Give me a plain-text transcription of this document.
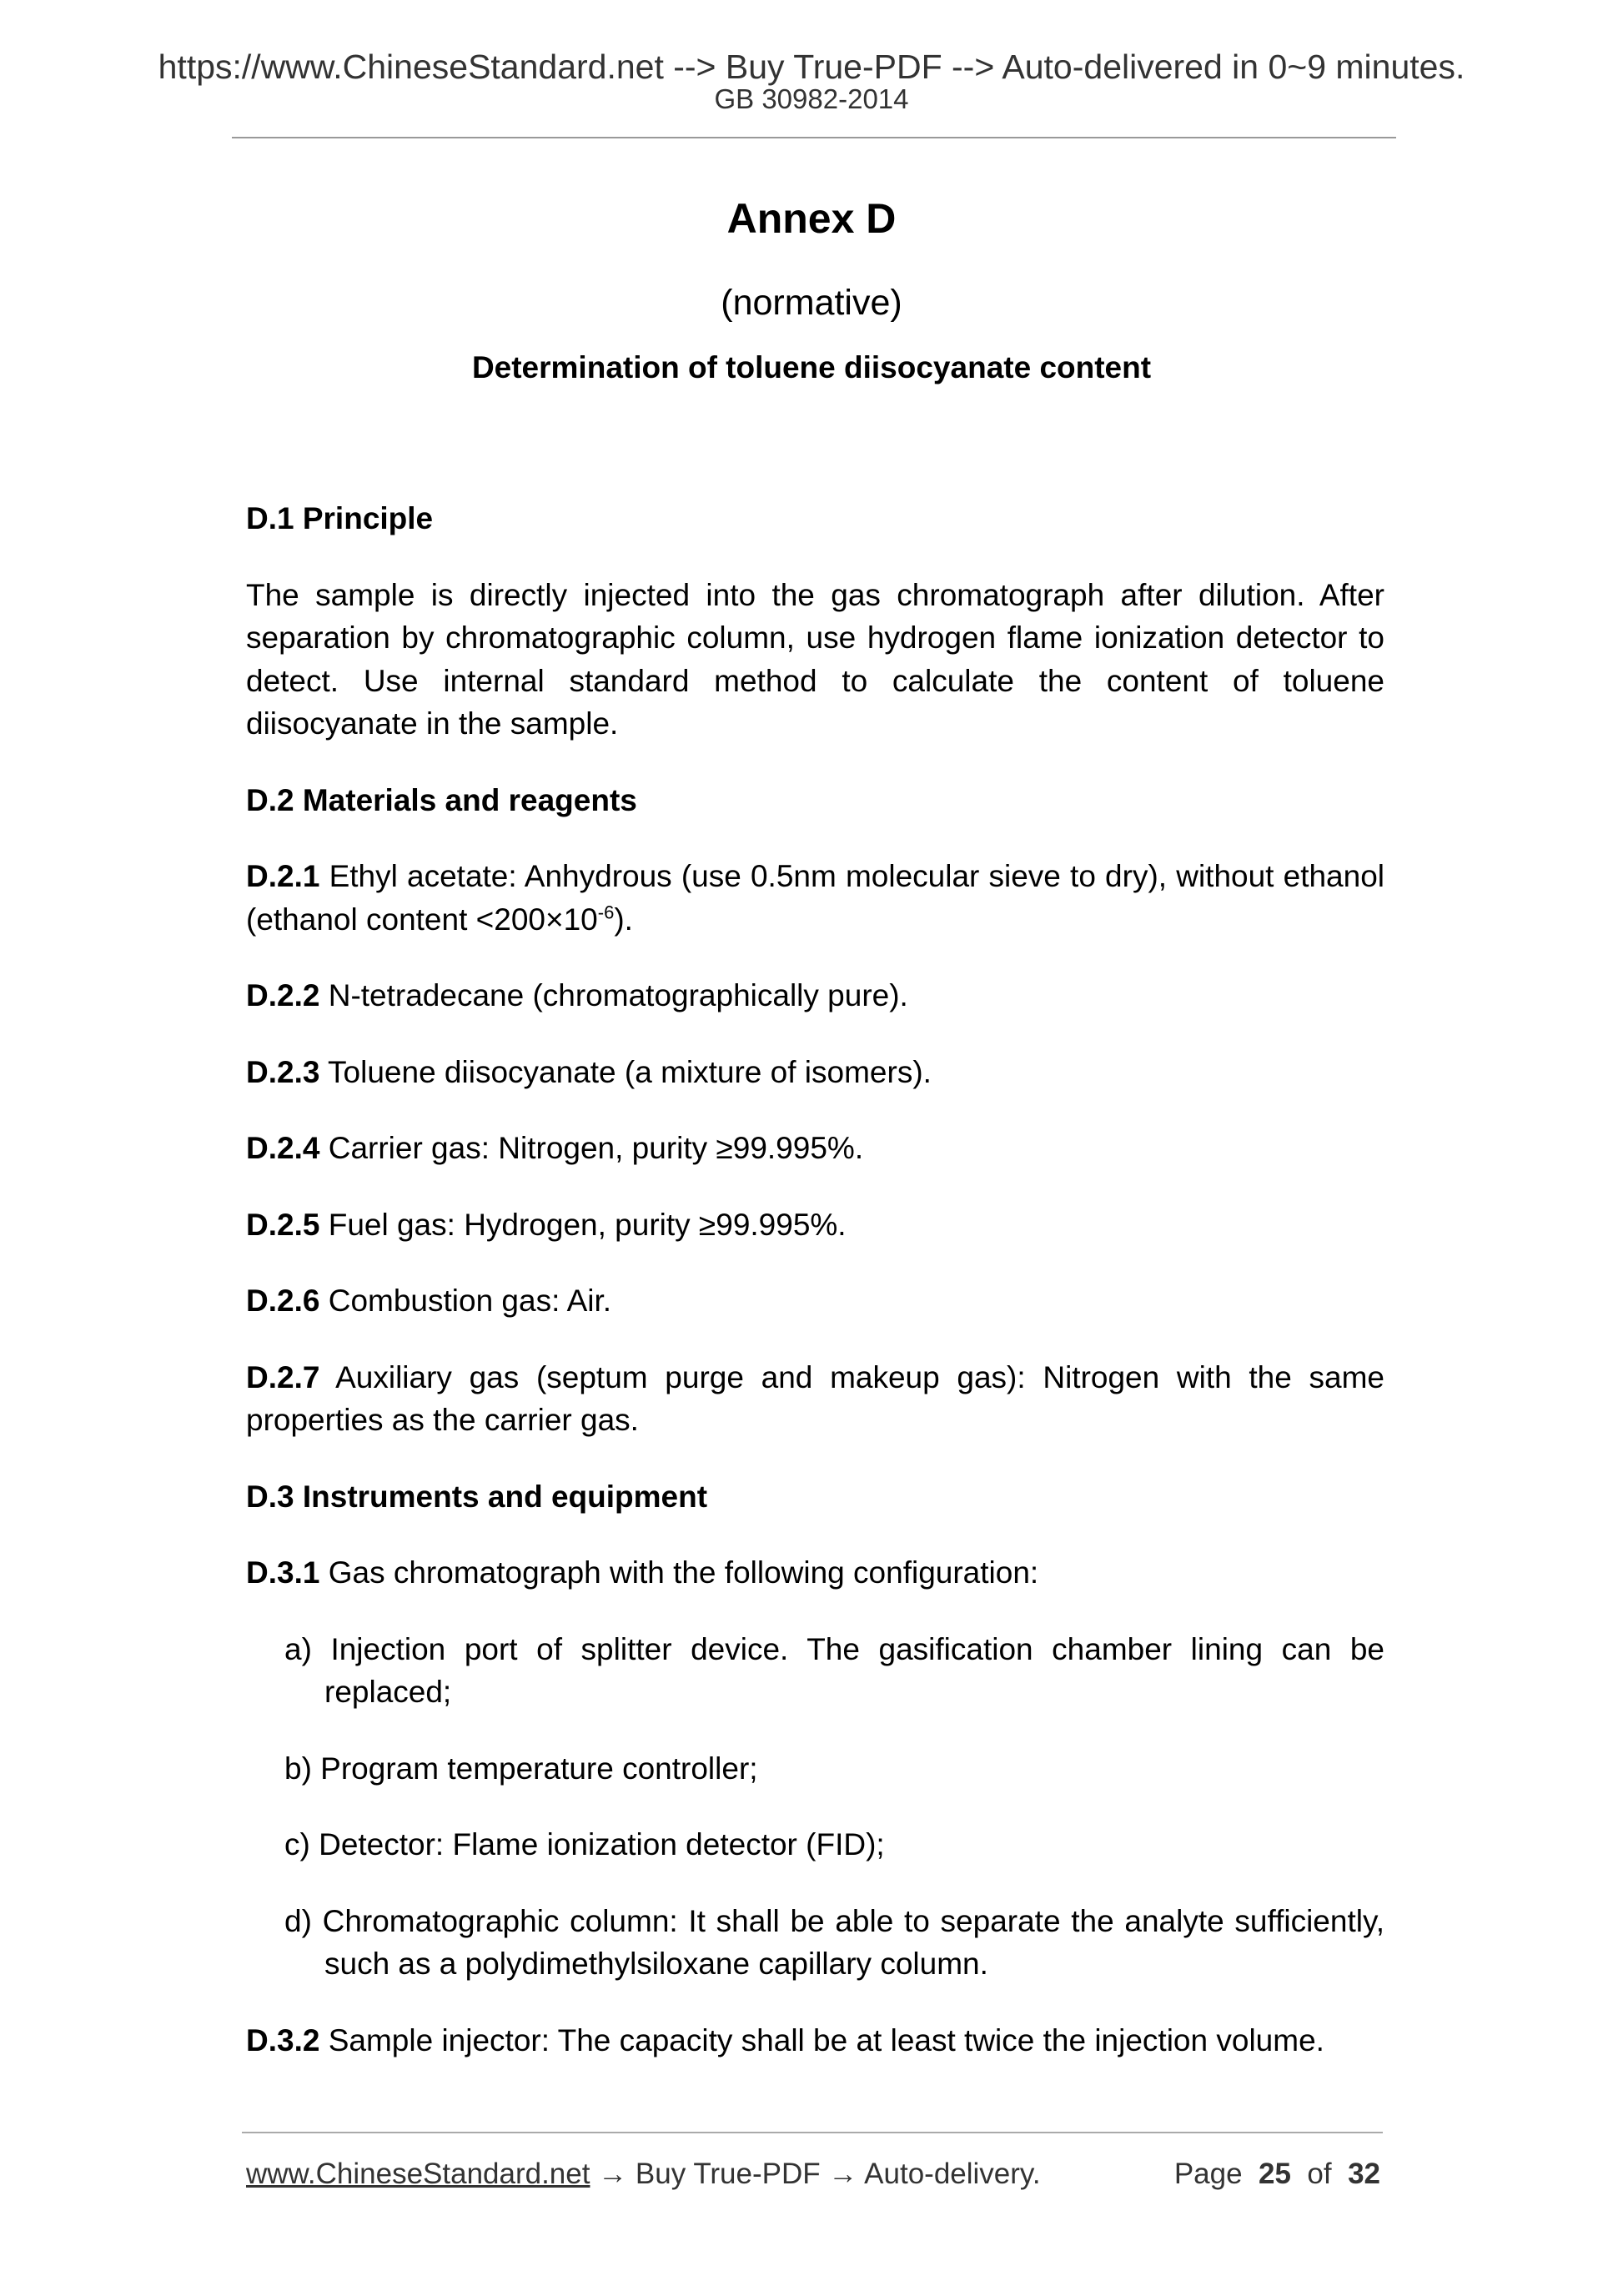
https://www.ChineseStandard.net --> Buy True-PDF --> Auto-delivered in 0~9 minutes.
GB 30982-2014
Annex D
(normative)
Determination of toluene diisocyanate content
D.1 Principle

The sample is directly injected into the gas chromatograph after dilution. After separation by chromatographic column, use hydrogen flame ionization detector to detect. Use internal standard method to calculate the content of toluene diisocyanate in the sample.

D.2 Materials and reagents

D.2.1 Ethyl acetate: Anhydrous (use 0.5nm molecular sieve to dry), without ethanol (ethanol content $<200\times 10^{-6}$).

D.2.2 N-tetradecane (chromatographically pure).

D.2.3 Toluene diisocyanate (a mixture of isomers).

D.2.4 Carrier gas: Nitrogen, purity ≥99.995%.

D.2.5 Fuel gas: Hydrogen, purity ≥99.995%.

D.2.6 Combustion gas: Air.

D.2.7 Auxiliary gas (septum purge and makeup gas): Nitrogen with the same properties as the carrier gas.

D.3 Instruments and equipment

D.3.1 Gas chromatograph with the following configuration:

a) Injection port of splitter device. The gasification chamber lining can be replaced;
b) Program temperature controller;
c) Detector: Flame ionization detector (FID);
d) Chromatographic column: It shall be able to separate the analyte sufficiently, such as a polydimethylsiloxane capillary column.

D.3.2 Sample injector: The capacity shall be at least twice the injection volume.

www.ChineseStandard.net → Buy True-PDF → Auto-delivery.	Page 25 of 32
